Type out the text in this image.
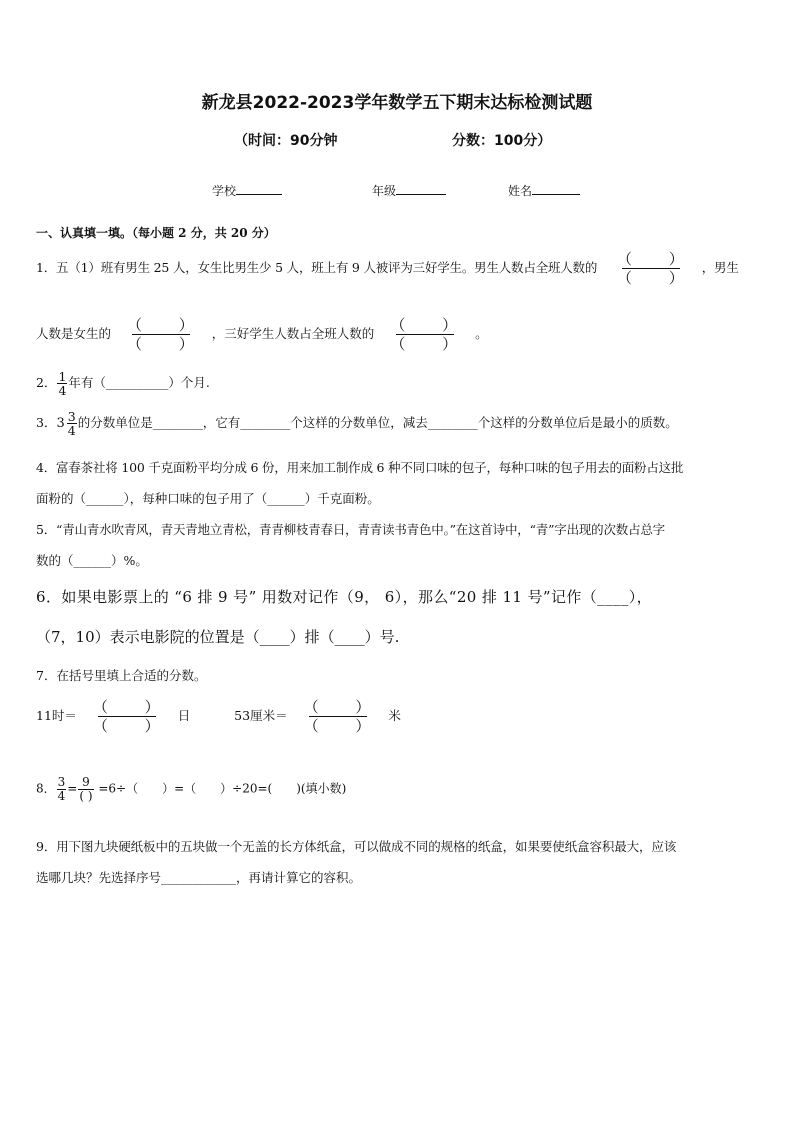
新龙县2022-2023学年数学五下期末达标检测试题
（时间：90分钟	分数：100分）
学校	年级	姓名
一、认真填一填。（每小题 2 分，共 20 分）
1．五（1）班有男生 25 人，女生比男生少 5 人，班上有 9 人被评为三好学生。男生人数占全班人数的	（ ）
（ ）
，男生
人数是女生的	（ ）
（ ）
，三好学生人数占全班人数的	（ ）
（ ）
。
2． $\frac{1}{4}$ 年有（__________）个月.
3． $3 \frac{3}{4}$ 的分数单位是________，它有________个这样的分数单位，减去________个这样的分数单位后是最小的质数。
4．富春茶社将 100 千克面粉平均分成 6 份，用来加工制作成 6 种不同口味的包子，每种口味的包子用去的面粉占这批
面粉的（______），每种口味的包子用了（______）千克面粉。
5．“青山青水吹青风，青天青地立青松，青青柳枝青春日，青青读书青色中。”在这首诗中，“青”字出现的次数占总字
数的（______）%。
6．如果电影票上的 “6 排 9 号” 用数对记作（9， 6），那么“20 排 11 号”记作（____），
（7，10）表示电影院的位置是（____）排（____）号.
7．在括号里填上合适的分数。
11时＝	（ ）
（ ）
日	53厘米＝	（ ）
（ ）
米
8． $\frac{3}{4} = \frac{9}{( )} =6\div$（　　）=（　　）÷20=(　　)(填小数)
9．用下图九块硬纸板中的五块做一个无盖的长方体纸盒，可以做成不同的规格的纸盒，如果要使纸盒容积最大，应该
选哪几块？先选择序号____________，再请计算它的容积。
